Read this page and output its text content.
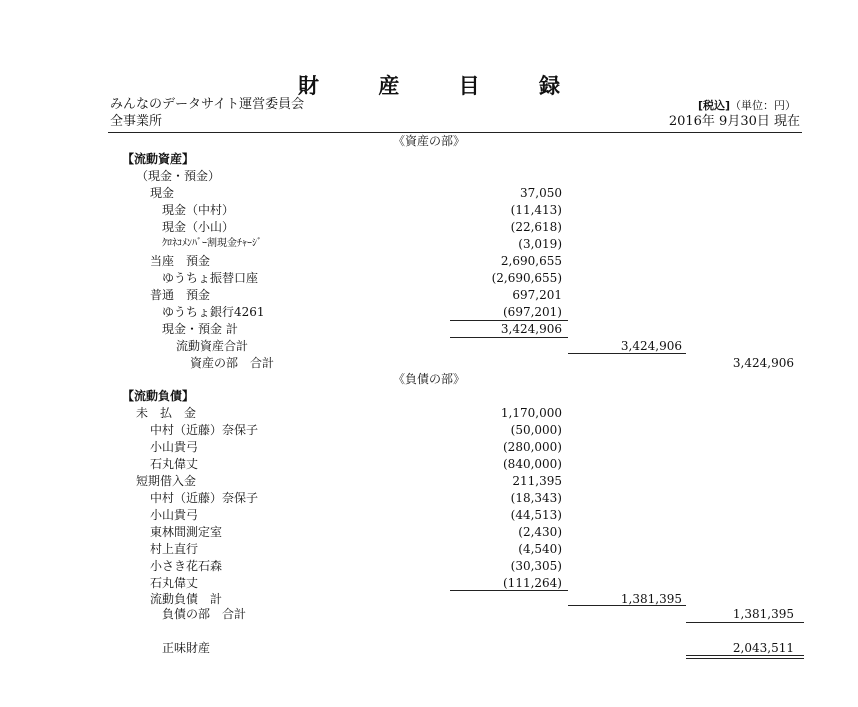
財 産 目 録
みんなのデータサイト運営委員会
全事業所
[税込]（単位：円）
2016年 9月30日 現在
《資産の部》
【流動資産】
（現金・預金）
現金	37,050
現金（中村）	(11,413)
現金（小山）	(22,618)
ｸﾛﾈｺﾒﾝﾊﾞｰ割現金ﾁｬｰｼﾞ	(3,019)
当座　預金	2,690,655
ゆうちょ振替口座	(2,690,655)
普通　預金	697,201
ゆうちょ銀行4261	(697,201)
現金・預金 計	3,424,906
流動資産合計	3,424,906
資産の部　合計	3,424,906
《負債の部》
【流動負債】
未　払　金	1,170,000
中村（近藤）奈保子	(50,000)
小山貴弓	(280,000)
石丸偉丈	(840,000)
短期借入金	211,395
中村（近藤）奈保子	(18,343)
小山貴弓	(44,513)
東林間測定室	(2,430)
村上直行	(4,540)
小さき花石森	(30,305)
石丸偉丈	(111,264)
流動負債　計	1,381,395
負債の部　合計	1,381,395
正味財産	2,043,511
